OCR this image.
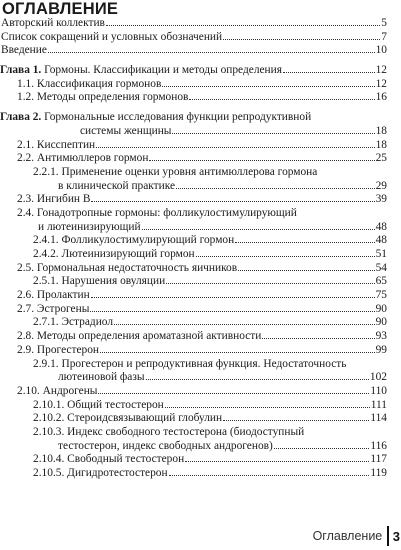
ОГЛАВЛЕНИЕ
Авторский коллектив	5
Список сокращений и условных обозначений	7
Введение	10
Глава 1. Гормоны. Классификации и методы определения	12
1.1. Классификация гормонов	12
1.2. Методы определения гормонов	16
Глава 2. Гормональные исследования функции репродуктивной
системы женщины	18
2.1. Кисспептин	18
2.2. Антимюллеров гормон	25
2.2.1. Применение оценки уровня антимюллерова гормона
в клинической практике	29
2.3. Ингибин В	39
2.4. Гонадотропные гормоны: фолликулостимулирующий
и лютеинизирующий	48
2.4.1. Фолликулостимулирующий гормон	48
2.4.2. Лютеинизирующий гормон	51
2.5. Гормональная недостаточность яичников	54
2.5.1. Нарушения овуляции	65
2.6. Пролактин	75
2.7. Эстрогены	90
2.7.1. Эстрадиол	90
2.8. Методы определения ароматазной активности	93
2.9. Прогестерон	99
2.9.1. Прогестерон и репродуктивная функция. Недостаточность
лютеиновой фазы	102
2.10. Андрогены	110
2.10.1. Общий тестостерон	111
2.10.2. Стероидсвязывающий глобулин	114
2.10.3. Индекс свободного тестостерона (биодоступный
тестостерон, индекс свободных андрогенов)	116
2.10.4. Свободный тестостерон	117
2.10.5. Дигидротестостерон	119
Оглавление 3
